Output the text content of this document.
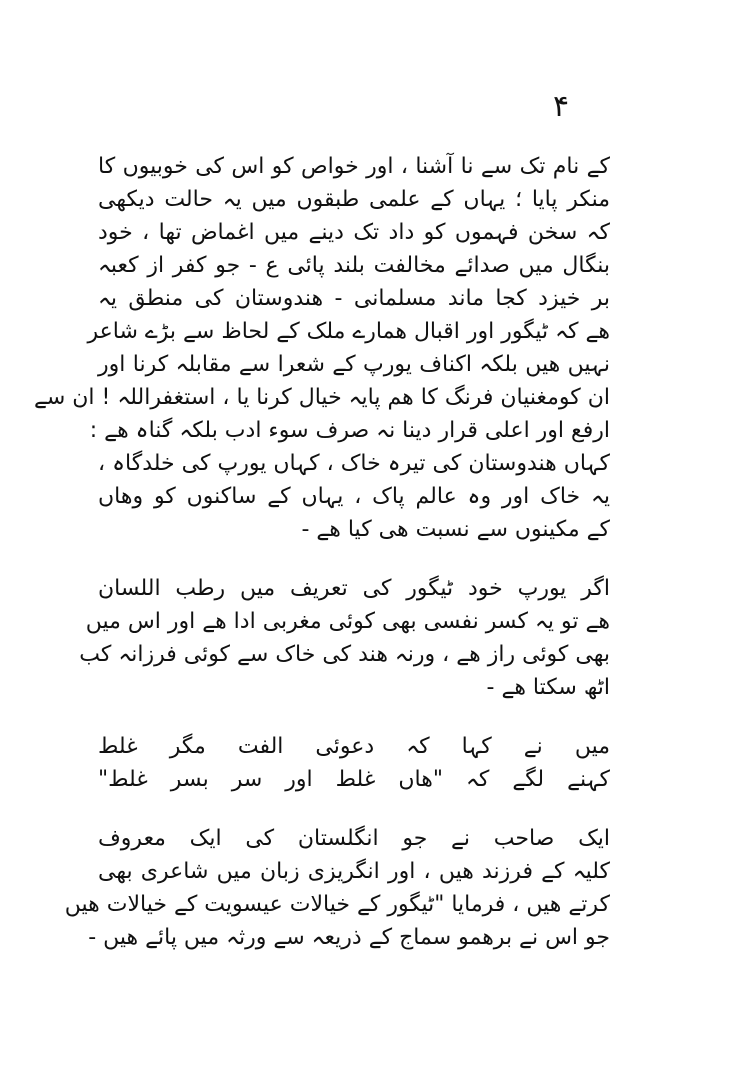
۴
کے نام تک سے نا آشنا ، اور خواص کو اس کی خوبیوں کا
منکر پایا ؛ یہاں کے علمی طبقوں میں یہ حالت دیکھی
کہ سخن فہموں کو داد تک دینے میں اغماض تھا ، خود
بنگال میں صدائے مخالفت بلند پائی ع - جو کفر از کعبہ
بر خیزد کجا ماند مسلمانی - ھندوستان کی منطق یہ
ھے کہ ٹیگور اور اقبال ھمارے ملک کے لحاظ سے بڑے شاعر
نہیں ھیں بلکہ اکناف یورپ کے شعرا سے مقابلہ کرنا اور
ان کومغنیان فرنگ کا ھم پایہ خیال کرنا یا ، استغفراللہ ! ان سے
ارفع اور اعلی قرار دینا نہ صرف سوء ادب بلکہ گناہ ھے :
کہاں ھندوستان کی تیرہ خاک ، کہاں یورپ کی خلدگاہ ،
یہ خاک اور وہ عالم پاک ، یہاں کے ساکنوں کو وھاں
کے مکینوں سے نسبت ھی کیا ھے -
اگر یورپ خود ٹیگور کی تعریف میں رطب اللسان
ھے تو یہ کسر نفسی بھی کوئی مغربی ادا ھے اور اس میں
بھی کوئی راز ھے ، ورنہ ھند کی خاک سے کوئی فرزانہ کب
اٹھ سکتا ھے -
میں نے کہا کہ دعوئی الفت مگر غلط
کہنے لگے کہ "ھاں غلط اور سر بسر غلط"
ایک صاحب نے جو انگلستان کی ایک معروف
کلیہ کے فرزند ھیں ، اور انگریزی زبان میں شاعری بھی
کرتے ھیں ، فرمایا "ٹیگور کے خیالات عیسویت کے خیالات ھیں
جو اس نے برھمو سماج کے ذریعہ سے ورثہ میں پائے ھیں -
